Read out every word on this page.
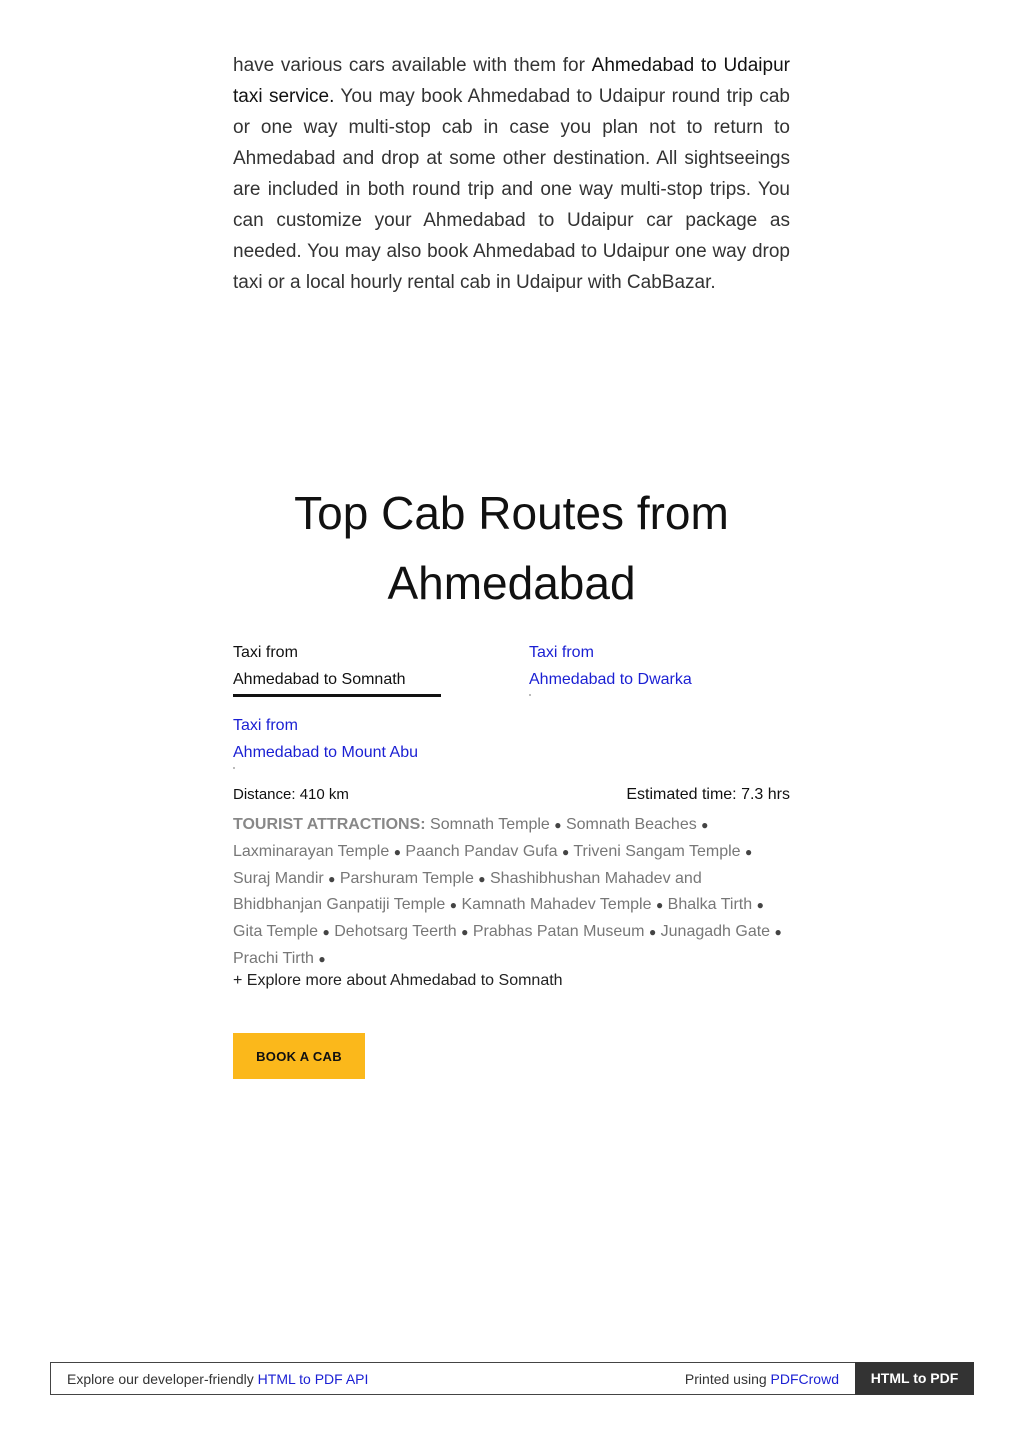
have various cars available with them for Ahmedabad to Udaipur taxi service. You may book Ahmedabad to Udaipur round trip cab or one way multi-stop cab in case you plan not to return to Ahmedabad and drop at some other destination. All sightseeings are included in both round trip and one way multi-stop trips. You can customize your Ahmedabad to Udaipur car package as needed. You may also book Ahmedabad to Udaipur one way drop taxi or a local hourly rental cab in Udaipur with CabBazar.
Top Cab Routes from
Ahmedabad
Taxi from
Ahmedabad to Somnath
Taxi from
Ahmedabad to Dwarka
Taxi from
Ahmedabad to Mount Abu
Distance: 410 km	Estimated time: 7.3 hrs
TOURIST ATTRACTIONS: Somnath Temple ● Somnath Beaches ● Laxminarayan Temple ● Paanch Pandav Gufa ● Triveni Sangam Temple ● Suraj Mandir ● Parshuram Temple ● Shashibhushan Mahadev and Bhidbhanjan Ganpatiji Temple ● Kamnath Mahadev Temple ● Bhalka Tirth ● Gita Temple ● Dehotsarg Teerth ● Prabhas Patan Museum ● Junagadh Gate ● Prachi Tirth ●
+ Explore more about Ahmedabad to Somnath
BOOK A CAB
Explore our developer-friendly HTML to PDF API	Printed using PDFCrowd	HTML to PDF
